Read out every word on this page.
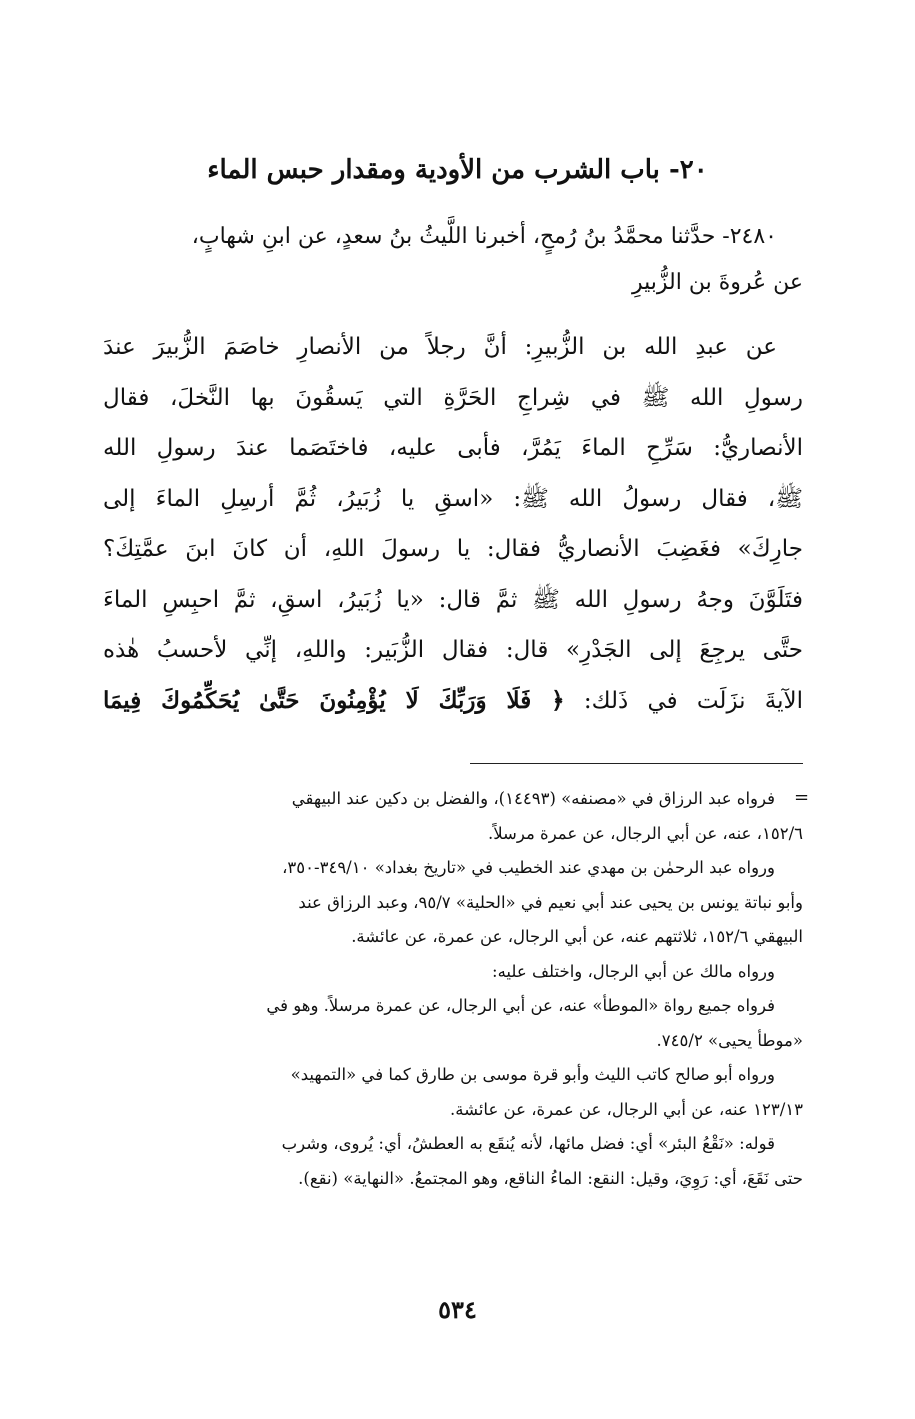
٢٠- باب الشرب من الأودية ومقدار حبس الماء
٢٤٨٠- حدَّثنا محمَّدُ بنُ رُمحٍ، أخبرنا اللَّيثُ بنُ سعدٍ، عن ابنِ شهابٍ،
عن عُروةَ بن الزُّبيرِ
عن عبدِ الله بن الزُّبيرِ: أنَّ رجلاً من الأنصارِ خاصَمَ الزُّبيرَ عندَ
رسولِ الله ﷺ في شِراجِ الحَرَّةِ التي يَسقُونَ بها النَّخلَ، فقال
الأنصاريُّ: سَرِّحِ الماءَ يَمُرَّ، فأبى عليه، فاختَصَما عندَ رسولِ الله
ﷺ، فقال رسولُ الله ﷺ: «اسقِ يا زُبَيرُ، ثُمَّ أرسِلِ الماءَ إلى
جارِكَ» فغَضِبَ الأنصاريُّ فقال: يا رسولَ اللهِ، أن كانَ ابنَ عمَّتِكَ؟
فتَلَوَّنَ وجهُ رسولِ الله ﷺ ثمَّ قال: «يا زُبَيرُ، اسقِ، ثمَّ احبِسِ الماءَ
حتَّى يرجِعَ إلى الجَدْرِ» قال: فقال الزُّبَير: واللهِ، إنِّي لأحسبُ هٰذه
الآيةَ نزَلَت في ذَلك: ﴿ فَلَا وَرَبِّكَ لَا يُؤْمِنُونَ حَتَّىٰ يُحَكِّمُوكَ فِيمَا
=
فرواه عبد الرزاق في «مصنفه» (١٤٤٩٣)، والفضل بن دكين عند البيهقي
١٥٢/٦، عنه، عن أبي الرجال، عن عمرة مرسلاً.
ورواه عبد الرحمٰن بن مهدي عند الخطيب في «تاريخ بغداد» ٣٤٩/١٠-٣٥٠،
وأبو نباتة يونس بن يحيى عند أبي نعيم في «الحلية» ٩٥/٧، وعبد الرزاق عند
البيهقي ١٥٢/٦، ثلاثتهم عنه، عن أبي الرجال، عن عمرة، عن عائشة.
ورواه مالك عن أبي الرجال، واختلف عليه:
فرواه جميع رواة «الموطأ» عنه، عن أبي الرجال، عن عمرة مرسلاً. وهو في
«موطأ يحيى» ٧٤٥/٢.
ورواه أبو صالح كاتب الليث وأبو قرة موسى بن طارق كما في «التمهيد»
١٢٣/١٣ عنه، عن أبي الرجال، عن عمرة، عن عائشة.
قوله: «نَقْعُ البئر» أي: فضل مائها، لأنه يُنقَع به العطشُ، أي: يُروى، وشرب
حتى نَقَعَ، أي: رَوِيَ، وقيل: النقع: الماءُ الناقع، وهو المجتمعُ. «النهاية» (نقع).
٥٣٤
